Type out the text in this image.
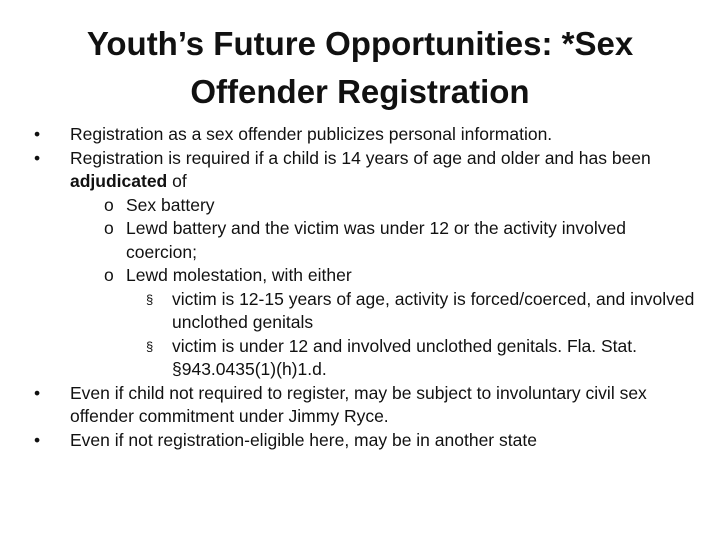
Youth’s Future Opportunities: *Sex
Offender Registration

• Registration as a sex offender publicizes personal information.

• Registration is required if a child is 14 years of age and older and has been adjudicated of

o Sex battery

o Lewd battery and the victim was under 12 or the activity involved coercion;

o Lewd molestation, with either

§ victim is 12-15 years of age, activity is forced/coerced, and involved unclothed genitals

§ victim is under 12 and involved unclothed genitals. Fla. Stat. §943.0435(1)(h)1.d.

• Even if child not required to register, may be subject to involuntary civil sex offender commitment under Jimmy Ryce.

• Even if not registration-eligible here, may be in another state
